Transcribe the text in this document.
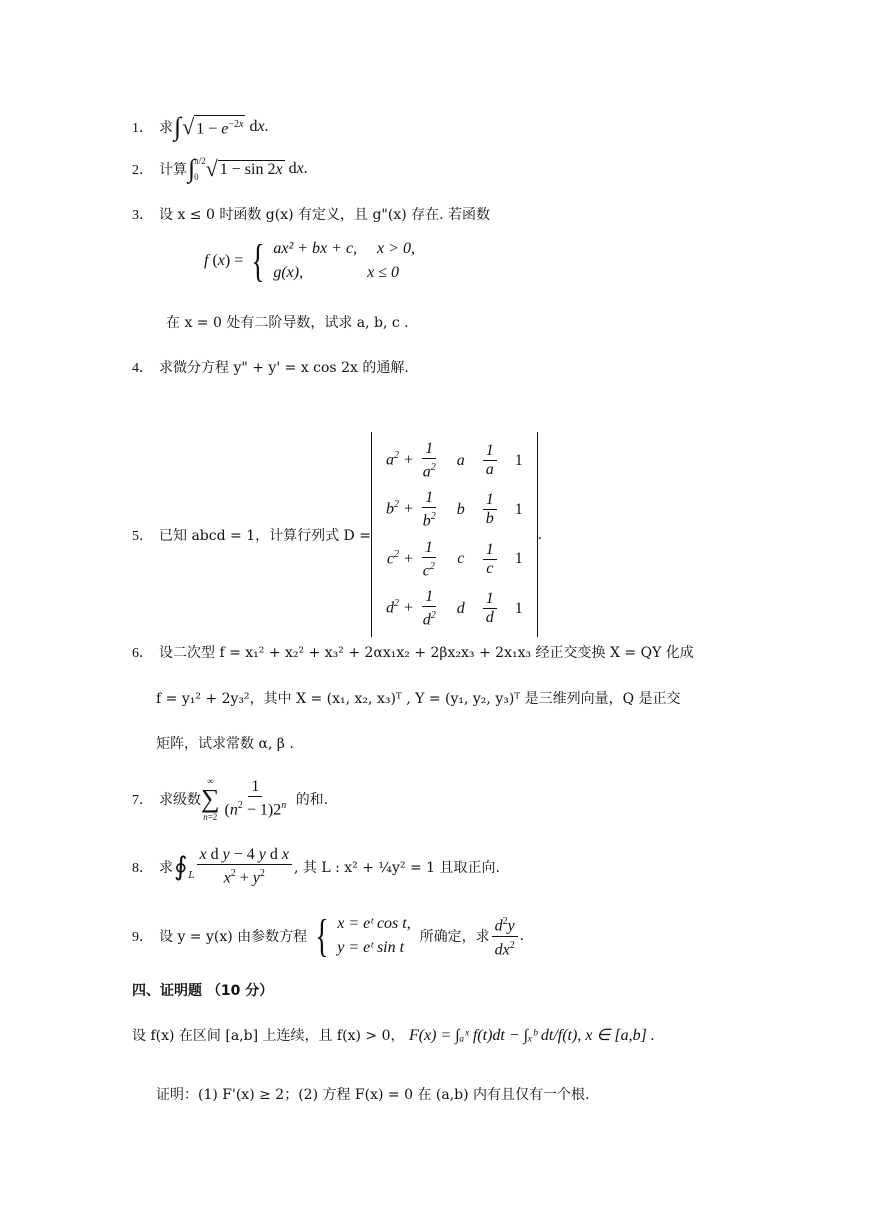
1． 求 ∫ √ $1 - e^{-2x}$ dx .
2． 计算 ∫ π/2
0 √ 1 − sin 2x dx .
3． 设 x ≤ 0 时函数 g(x) 有定义，且 g"(x) 存在. 若函数
f ( x ) = { ax² + bx + c,     x > 0,
g(x),                x ≤ 0
在 x = 0 处有二阶导数，试求 a, b, c .
4． 求微分方程 y" + y' = x cos 2x 的通解.
5． 已知 abcd = 1，计算行列式 D =
$a^2 + \frac{1}{a^2}$	a	$\frac{1}{a}$	1
$b^2 + \frac{1}{b^2}$	b	$\frac{1}{b}$	1
$c^2 + \frac{1}{c^2}$	c	$\frac{1}{c}$	1
$d^2 + \frac{1}{d^2}$	d	$\frac{1}{d}$	1
.
6． 设二次型 f = x₁² + x₂² + x₃² + 2αx₁x₂ + 2βx₂x₃ + 2x₁x₃ 经正交变换 X = QY 化成
f = y₁² + 2y₃²，其中 X = (x₁, x₂, x₃)ᵀ , Y = (y₁, y₂, y₃)ᵀ 是三维列向量，Q 是正交
矩阵，试求常数 α, β .
7． 求级数
∞
∑
$n=2 \frac{1}{(n^2 - 1)2^n}$
的和.
8． 求 ∮ L $\frac{\text{x d y − 4 y d x}}{x^2 + y^2}$ , 其 L : x² + ¼y² = 1 且取正向.
9． 设 y = y(x) 由参数方程 { x = eᵗ cos t,
y = eᵗ sin t

所确定，求 $\frac{d^2y}{dx^2}$ .
四、证明题 （10 分）
设 f(x) 在区间 [a,b] 上连续，且 f(x) > 0，
F(x) = ∫ₐˣ f(t)dt − ∫ₓᵇ dt/f(t), x ∈ [a,b] .
证明：(1) F'(x) ≥ 2；(2) 方程 F(x) = 0 在 (a,b) 内有且仅有一个根.
